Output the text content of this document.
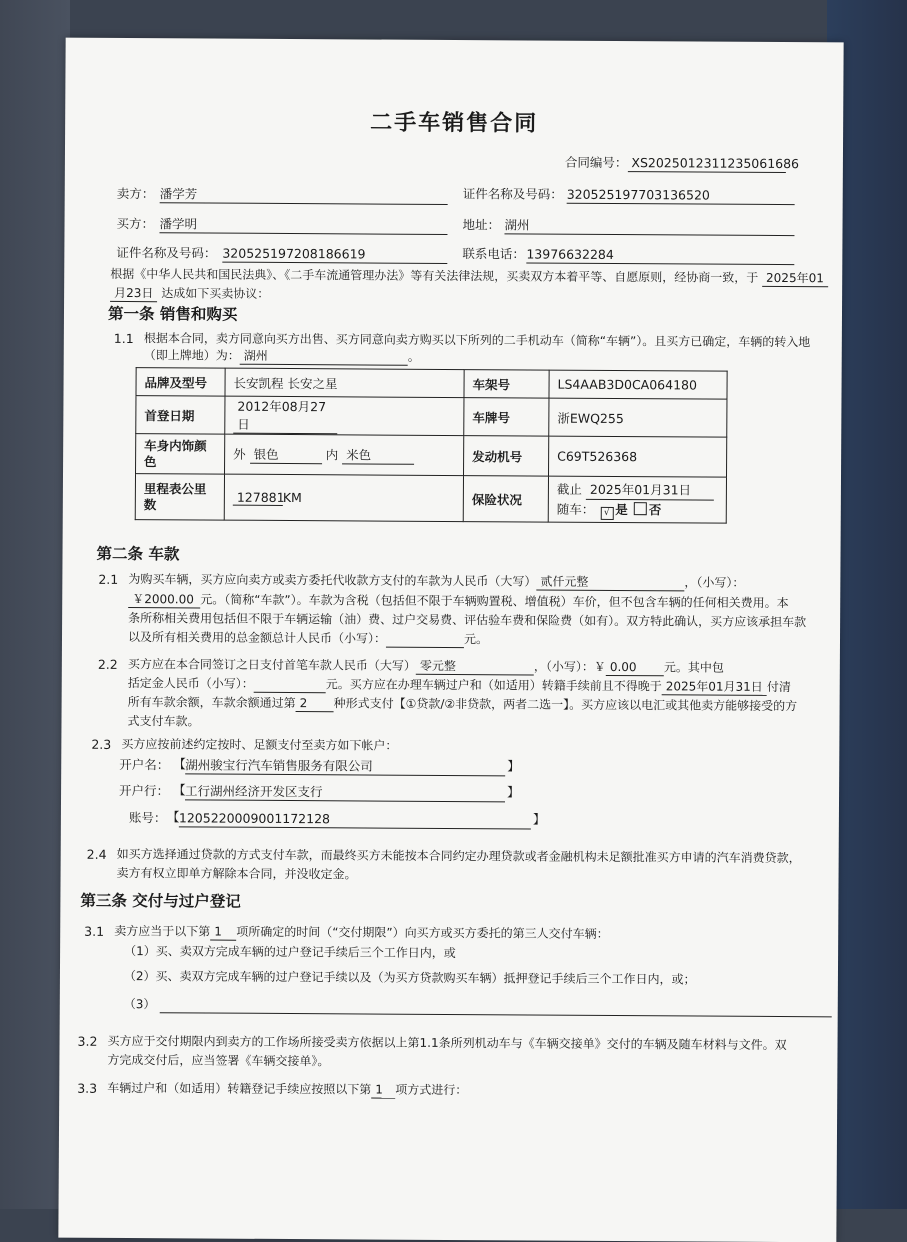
二手车销售合同
合同编号： XS2025012311235061686
卖方： 潘学芳	证件名称及号码： 320525197703136520
买方： 潘学明	地址： 湖州
证件名称及号码： 320525197208186619	联系电话： 13976632284
根据《中华人民共和国民法典》、《二手车流通管理办法》等有关法律法规，买卖双方本着平等、自愿原则，经协商一致，于 2025年01
月23日 达成如下买卖协议：
第一条 销售和购买
1.1 根据本合同，卖方同意向买方出售、买方同意向卖方购买以下所列的二手机动车（简称“车辆”）。且买方已确定，车辆的转入地
（即上牌地）为： 湖州	。
品牌及型号	长安凯程 长安之星	车架号	LS4AAB3D0CA064180
首登日期	2012年08月27日	车牌号	浙EWQ255
车身内饰颜色	外 银色 内 米色	发动机号	C69T526368
里程表公里数	127881KM	保险状况	截止 2025年01月31日
随车： √ 是 否
第二条 车款
2.1 为购买车辆，买方应向卖方或卖方委托代收款方支付的车款为人民币（大写） 贰仟元整	，（小写）：
￥2000.00 元。（简称“车款”）。车款为含税（包括但不限于车辆购置税、增值税）车价，但不包含车辆的任何相关费用。本
条所称相关费用包括但不限于车辆运输（油）费、过户交易费、评估验车费和保险费（如有）。双方特此确认，买方应该承担车款
以及所有相关费用的总金额总计人民币（小写）：	元。
2.2 买方应在本合同签订之日支付首笔车款人民币（大写） 零元整	，（小写）：￥ 0.00 元。其中包
括定金人民币（小写）：	元。买方应在办理车辆过户和（如适用）转籍手续前且不得晚于 2025年01月31日 付清
所有车款余额，车款余额通过第 2 种形式支付【①贷款/②非贷款，两者二选一】。买方应该以电汇或其他卖方能够接受的方
式支付车款。
2.3 买方应按前述约定按时、足额支付至卖方如下帐户：
开户名： 【 湖州骏宝行汽车销售服务有限公司	】
开户行： 【 工行湖州经济开发区支行	】
账号： 【 1205220009001172128	】
2.4 如买方选择通过贷款的方式支付车款，而最终买方未能按本合同约定办理贷款或者金融机构未足额批准买方申请的汽车消费贷款，
卖方有权立即单方解除本合同，并没收定金。
第三条 交付与过户登记
3.1 卖方应当于以下第 1 项所确定的时间（“交付期限”）向买方或买方委托的第三人交付车辆：
（1）买、卖双方完成车辆的过户登记手续后三个工作日内，或
（2）买、卖双方完成车辆的过户登记手续以及（为买方贷款购买车辆）抵押登记手续后三个工作日内，或；
（3）
3.2 买方应于交付期限内到卖方的工作场所接受卖方依据以上第1.1条所列机动车与《车辆交接单》交付的车辆及随车材料与文件。双
方完成交付后，应当签署《车辆交接单》。
3.3 车辆过户和（如适用）转籍登记手续应按照以下第 1 项方式进行：
